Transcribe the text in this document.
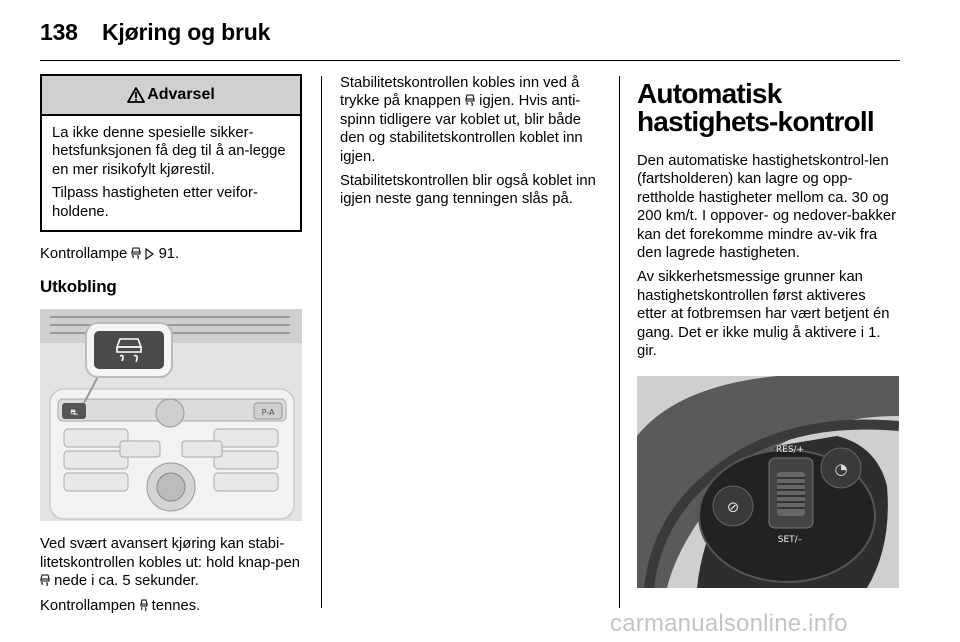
138	Kjøring og bruk
Advarsel

La ikke denne spesielle sikker-hetsfunksjonen få deg til å an-legge en mer risikofylt kjørestil.

Tilpass hastigheten etter veifor-holdene.

Kontrollampe 91.

Utkobling
⛐	P-A

Ved svært avansert kjøring kan stabi-litetskontrollen kobles ut: hold knap-pen  nede i ca. 5 sekunder.

Kontrollampen tennes.

Stabilitetskontrollen kobles inn ved å trykke på knappen igjen. Hvis anti-spinn tidligere var koblet ut, blir både den og stabilitetskontrollen koblet inn igjen.

Stabilitetskontrollen blir også koblet inn igjen neste gang tenningen slås på.

Automatisk hastighets-kontroll

Den automatiske hastighetskontrol-len (fartsholderen) kan lagre og opp-rettholde hastigheter mellom ca. 30 og 200 km/t. I oppover- og nedover-bakker kan det forekomme mindre av-vik fra den lagrede hastigheten.

Av sikkerhetsmessige grunner kan hastighetskontrollen først aktiveres etter at fotbremsen har vært betjent én gang. Det er ikke mulig å aktivere i 1. gir.

⊘
◔
RES/+
SET/–
carmanualsonline.info
